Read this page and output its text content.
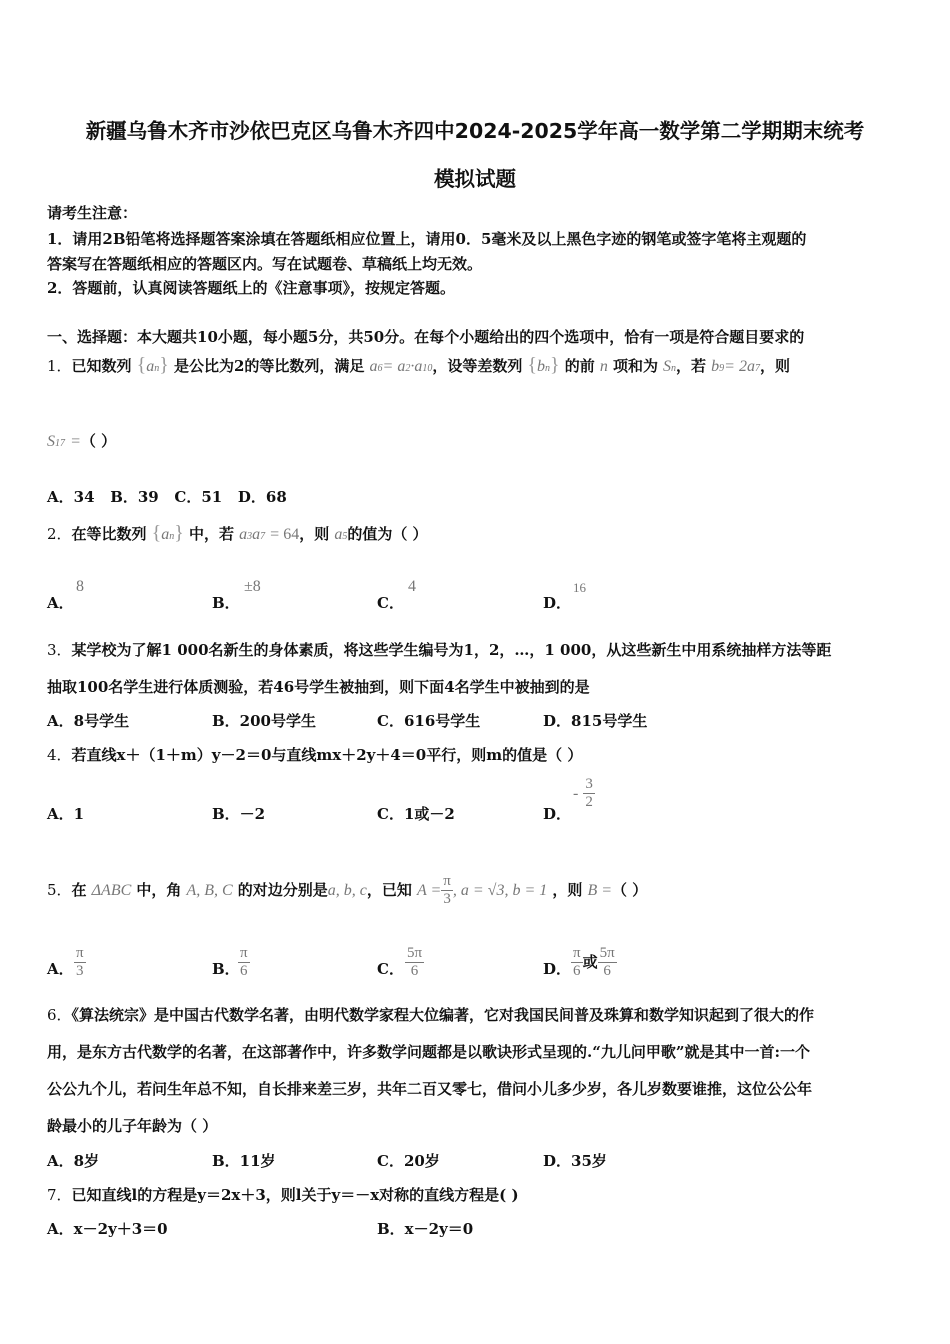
新疆乌鲁木齐市沙依巴克区乌鲁木齐四中2024-2025学年高一数学第二学期期末统考
模拟试题
请考生注意：
1．请用2B铅笔将选择题答案涂填在答题纸相应位置上，请用0．5毫米及以上黑色字迹的钢笔或签字笔将主观题的
答案写在答题纸相应的答题区内。写在试题卷、草稿纸上均无效。
2．答题前，认真阅读答题纸上的《注意事项》，按规定答题。
一、选择题：本大题共10小题，每小题5分，共50分。在每个小题给出的四个选项中，恰有一项是符合题目要求的
1．已知数列 {an} 是公比为2的等比数列，满足 a6= a2·a10，设等差数列 {bn} 的前 n 项和为 Sn，若 b9= 2a7，则
S17 =（ ）
A．34 B．39 C．51 D．68
2．在等比数列 {an} 中，若 a3a7 = 64，则 a5的值为（ ）
A．
8
B．
±8
C．
4
D．
16
3．某学校为了解1 000名新生的身体素质，将这些学生编号为1，2，…，1 000，从这些新生中用系统抽样方法等距
抽取100名学生进行体质测验，若46号学生被抽到，则下面4名学生中被抽到的是
A．8号学生	B．200号学生	C．616号学生	D．815号学生
4．若直线x＋（1＋m）y－2＝0与直线mx＋2y＋4＝0平行，则m的值是（ ）
A．1	B．－2	C．1或－2	D．
- $\frac{3}{2}$
5．在 ΔABC 中，角 A, B, C 的对边分别是a, b, c，已知 $A = \frac{\pi}{3}$ , a = √3, b = 1 ，则 B =（ ）
A． $\frac{\pi}{3}$	B．
$\frac{\pi}{6}$	C． $\frac{5\pi}{6}$	D． $\frac{\pi}{6}$ 或 $\frac{5\pi}{6}$
6．《算法统宗》是中国古代数学名著，由明代数学家程大位编著，它对我国民间普及珠算和数学知识起到了很大的作
用，是东方古代数学的名著，在这部著作中，许多数学问题都是以歌诀形式呈现的.“九儿问甲歌”就是其中一首:一个
公公九个儿，若问生年总不知，自长排来差三岁，共年二百又零七，借问小儿多少岁，各儿岁数要谁推，这位公公年
龄最小的儿子年龄为（ ）
A．8岁	B．11岁	C．20岁	D．35岁
7．已知直线l的方程是y＝2x＋3，则l关于y＝－x对称的直线方程是( )
A．x－2y＋3＝0	B．x－2y＝0
